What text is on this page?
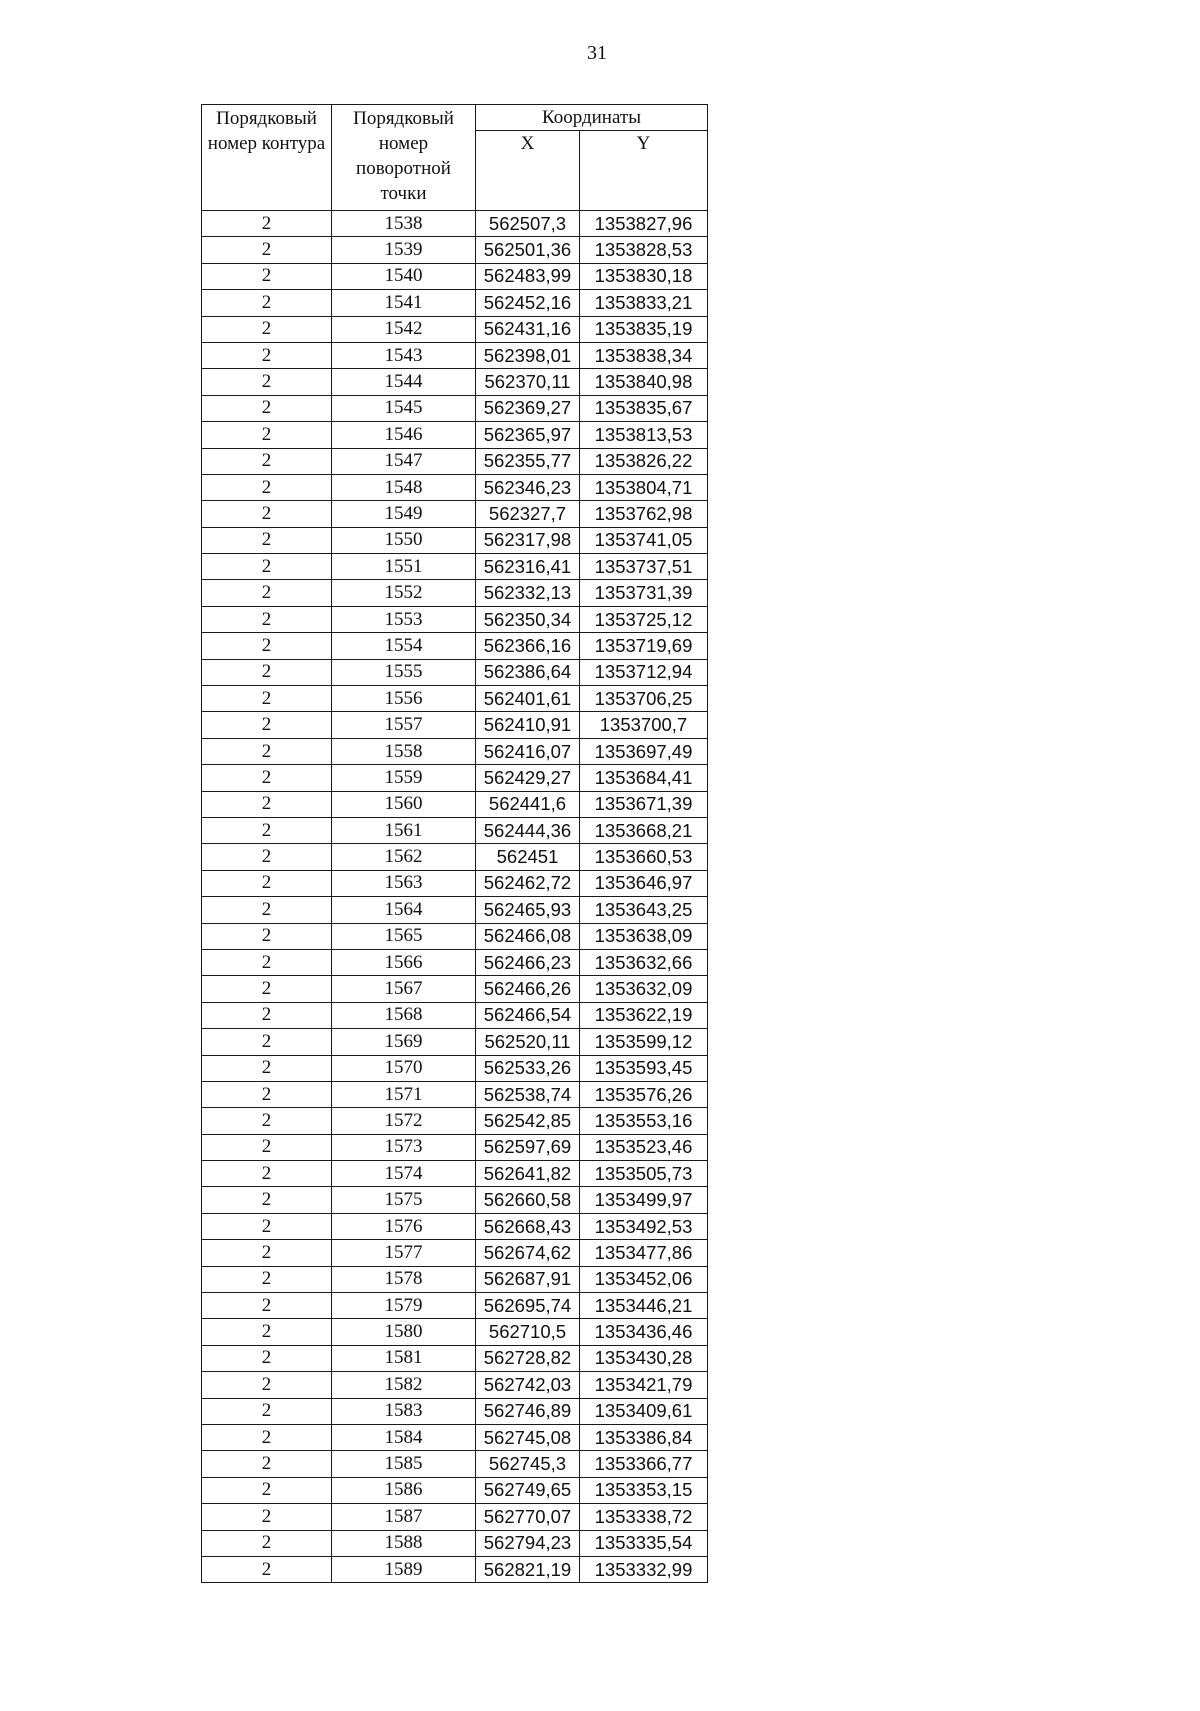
31
Порядковый номер контура	Порядковый номер поворотной точки	Координаты	
		X	Y
2	1538	562507,3	1353827,96
2	1539	562501,36	1353828,53
2	1540	562483,99	1353830,18
2	1541	562452,16	1353833,21
2	1542	562431,16	1353835,19
2	1543	562398,01	1353838,34
2	1544	562370,11	1353840,98
2	1545	562369,27	1353835,67
2	1546	562365,97	1353813,53
2	1547	562355,77	1353826,22
2	1548	562346,23	1353804,71
2	1549	562327,7	1353762,98
2	1550	562317,98	1353741,05
2	1551	562316,41	1353737,51
2	1552	562332,13	1353731,39
2	1553	562350,34	1353725,12
2	1554	562366,16	1353719,69
2	1555	562386,64	1353712,94
2	1556	562401,61	1353706,25
2	1557	562410,91	1353700,7
2	1558	562416,07	1353697,49
2	1559	562429,27	1353684,41
2	1560	562441,6	1353671,39
2	1561	562444,36	1353668,21
2	1562	562451	1353660,53
2	1563	562462,72	1353646,97
2	1564	562465,93	1353643,25
2	1565	562466,08	1353638,09
2	1566	562466,23	1353632,66
2	1567	562466,26	1353632,09
2	1568	562466,54	1353622,19
2	1569	562520,11	1353599,12
2	1570	562533,26	1353593,45
2	1571	562538,74	1353576,26
2	1572	562542,85	1353553,16
2	1573	562597,69	1353523,46
2	1574	562641,82	1353505,73
2	1575	562660,58	1353499,97
2	1576	562668,43	1353492,53
2	1577	562674,62	1353477,86
2	1578	562687,91	1353452,06
2	1579	562695,74	1353446,21
2	1580	562710,5	1353436,46
2	1581	562728,82	1353430,28
2	1582	562742,03	1353421,79
2	1583	562746,89	1353409,61
2	1584	562745,08	1353386,84
2	1585	562745,3	1353366,77
2	1586	562749,65	1353353,15
2	1587	562770,07	1353338,72
2	1588	562794,23	1353335,54
2	1589	562821,19	1353332,99
